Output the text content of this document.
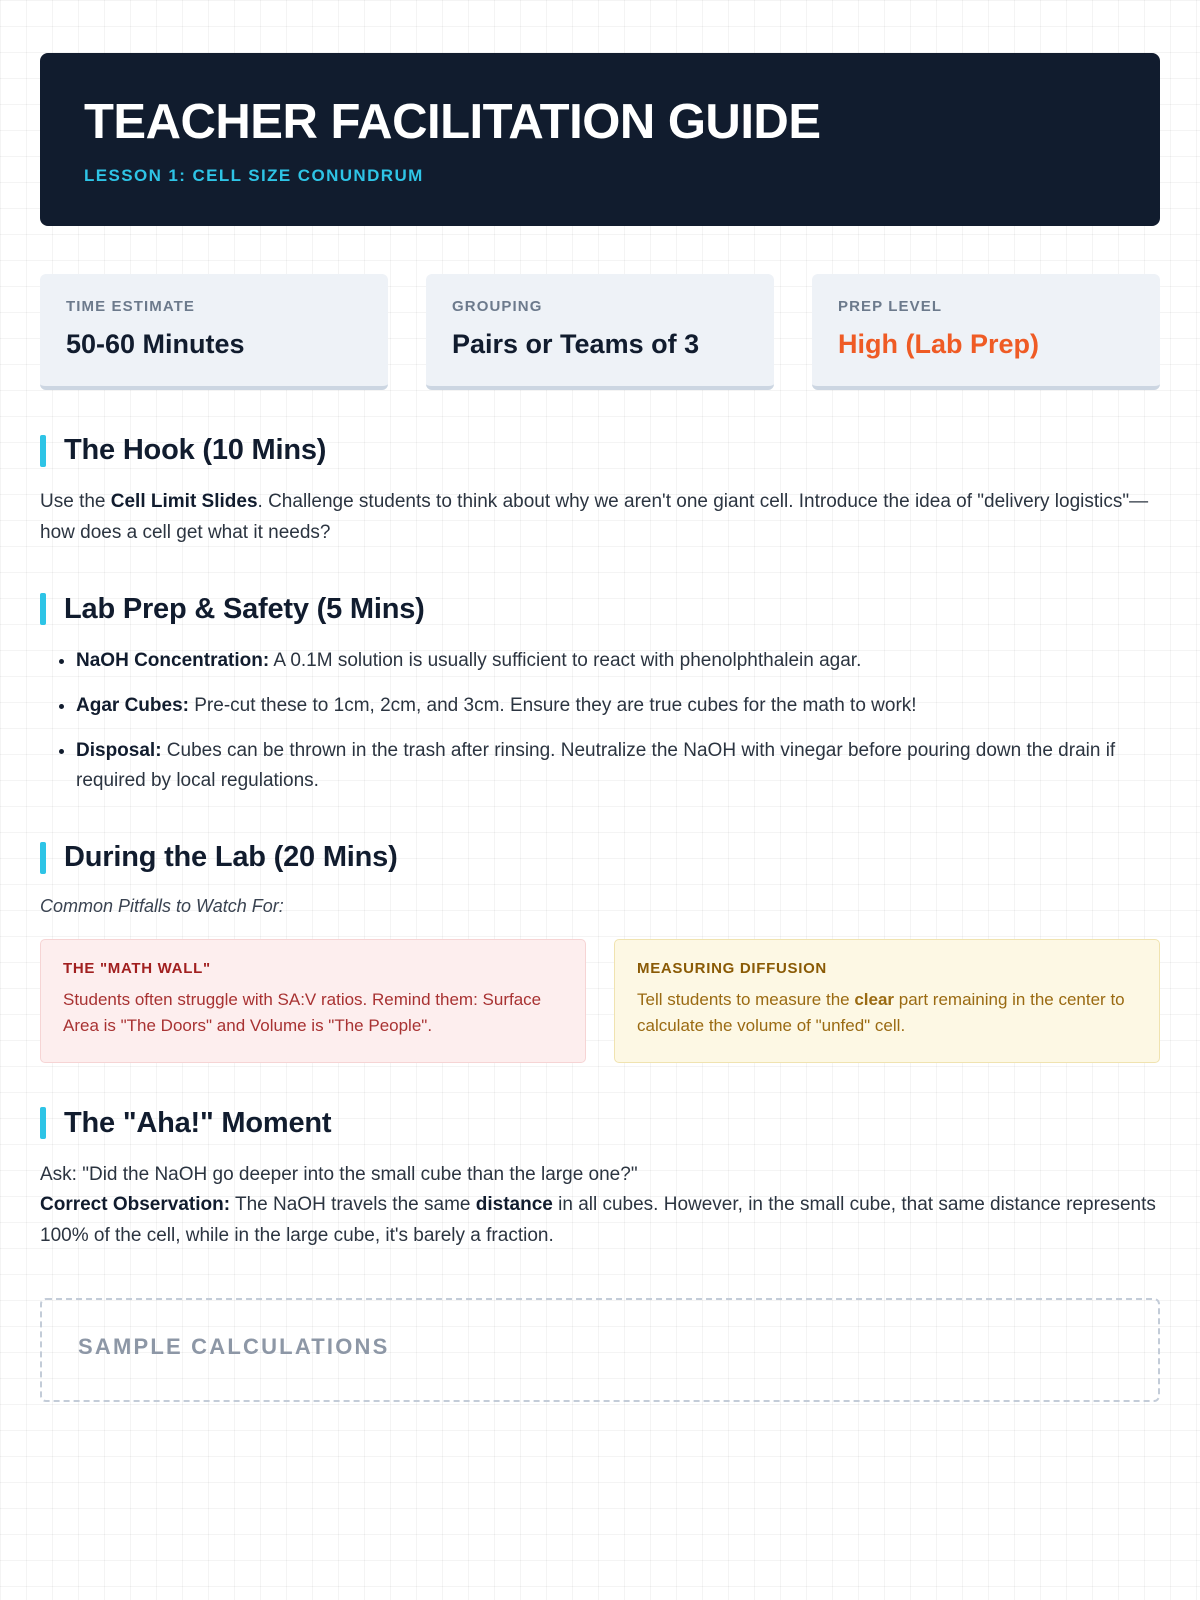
TEACHER FACILITATION GUIDE
LESSON 1: CELL SIZE CONUNDRUM
TIME ESTIMATE
50-60 Minutes
GROUPING
Pairs or Teams of 3
PREP LEVEL
High (Lab Prep)
The Hook (10 Mins)
Use the Cell Limit Slides. Challenge students to think about why we aren't one giant cell. Introduce the idea of "delivery logistics"—how does a cell get what it needs?
Lab Prep & Safety (5 Mins)
• NaOH Concentration: A 0.1M solution is usually sufficient to react with phenolphthalein agar.
• Agar Cubes: Pre-cut these to 1cm, 2cm, and 3cm. Ensure they are true cubes for the math to work!
• Disposal: Cubes can be thrown in the trash after rinsing. Neutralize the NaOH with vinegar before pouring down the drain if required by local regulations.
During the Lab (20 Mins)
Common Pitfalls to Watch For:
THE "MATH WALL"
Students often struggle with SA:V ratios. Remind them: Surface Area is "The Doors" and Volume is "The People".
MEASURING DIFFUSION
Tell students to measure the clear part remaining in the center to calculate the volume of "unfed" cell.
The "Aha!" Moment
Ask: "Did the NaOH go deeper into the small cube than the large one?"
Correct Observation: The NaOH travels the same distance in all cubes. However, in the small cube, that same distance represents 100% of the cell, while in the large cube, it's barely a fraction.
SAMPLE CALCULATIONS
